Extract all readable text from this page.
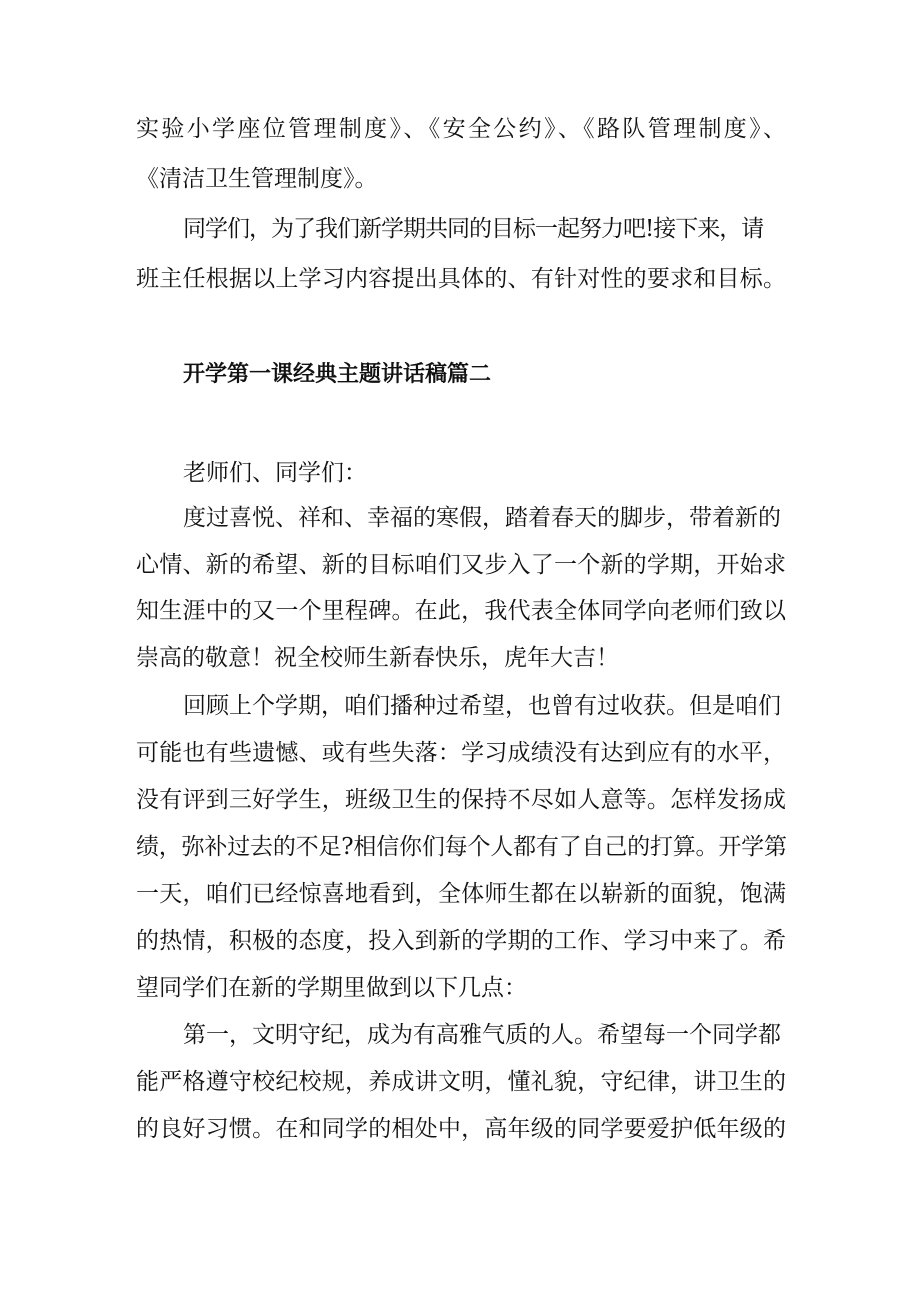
实验小学座位管理制度》、《安全公约》、《路队管理制度》、
《清洁卫生管理制度》。
同学们，为了我们新学期共同的目标一起努力吧!接下来，请
班主任根据以上学习内容提出具体的、有针对性的要求和目标。
开学第一课经典主题讲话稿篇二
老师们、同学们：
度过喜悦、祥和、幸福的寒假，踏着春天的脚步，带着新的
心情、新的希望、新的目标咱们又步入了一个新的学期，开始求
知生涯中的又一个里程碑。在此，我代表全体同学向老师们致以
崇高的敬意！祝全校师生新春快乐，虎年大吉！
回顾上个学期，咱们播种过希望，也曾有过收获。但是咱们
可能也有些遗憾、或有些失落：学习成绩没有达到应有的水平，
没有评到三好学生，班级卫生的保持不尽如人意等。怎样发扬成
绩，弥补过去的不足?相信你们每个人都有了自己的打算。开学第
一天，咱们已经惊喜地看到，全体师生都在以崭新的面貌，饱满
的热情，积极的态度，投入到新的学期的工作、学习中来了。希
望同学们在新的学期里做到以下几点：
第一，文明守纪，成为有高雅气质的人。希望每一个同学都
能严格遵守校纪校规，养成讲文明，懂礼貌，守纪律，讲卫生的
的良好习惯。在和同学的相处中，高年级的同学要爱护低年级的
